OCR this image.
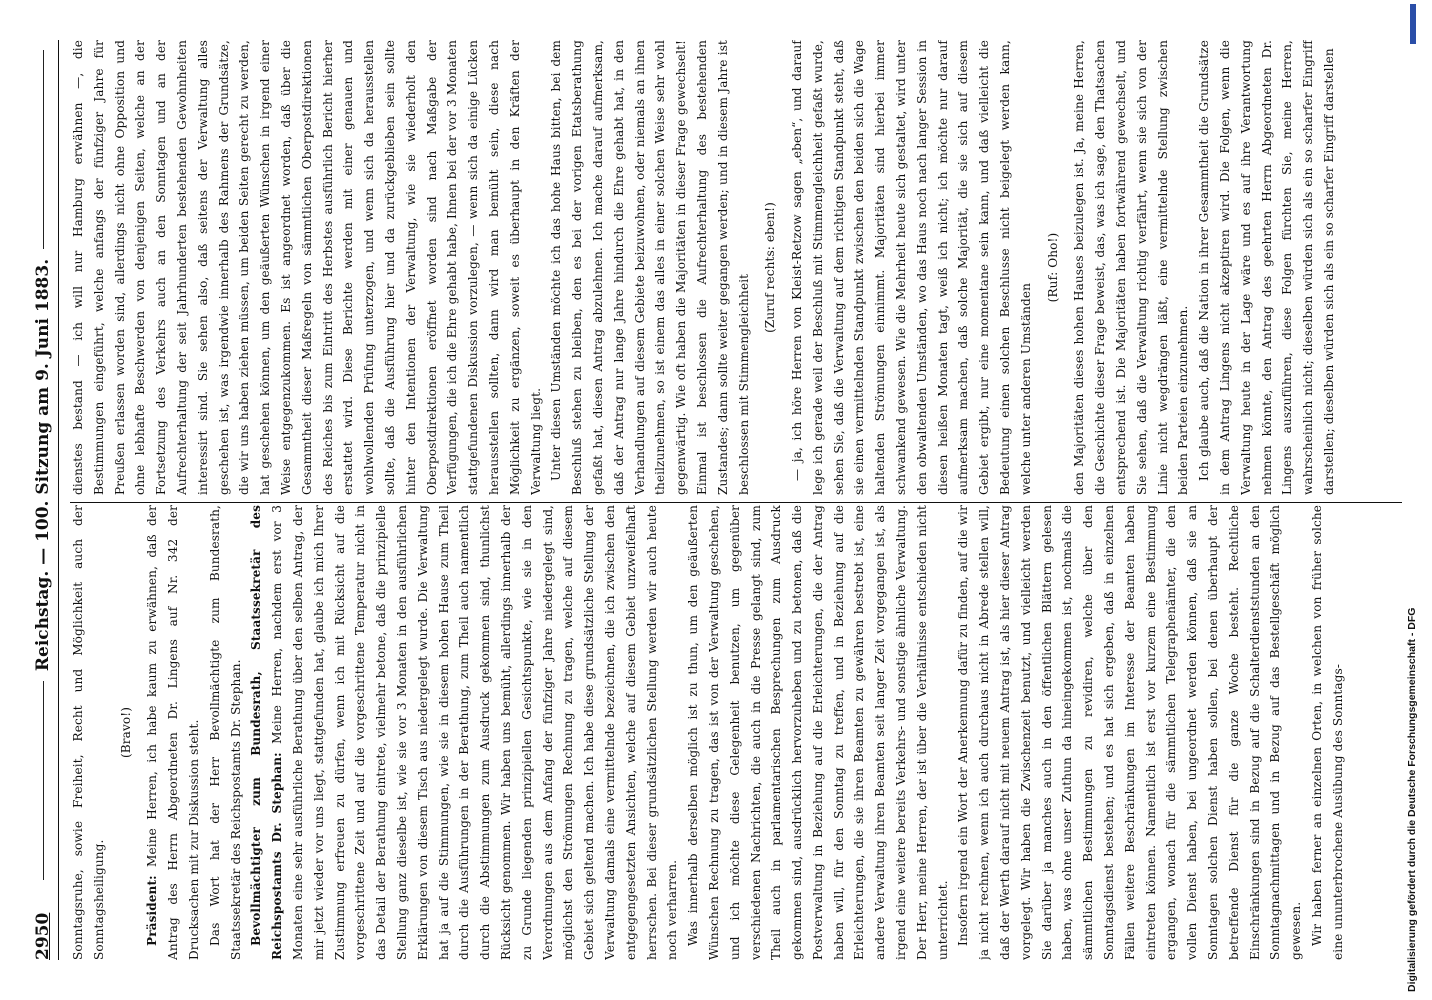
2950
Reichstag. — 100. Sitzung am 9. Juni 1883.

Sonntagsruhe, sowie Freiheit, Recht und Möglichkeit auch der Sonntagsheiligung.

(Bravo!)

Präsident: Meine Herren, ich habe kaum zu erwähnen, daß der Antrag des Herrn Abgeordneten Dr. Lingens auf Nr. 342 der Drucksachen mit zur Diskussion steht. Das Wort hat der Herr Bevollmächtigte zum Bundesrath, Staatssekretär des Reichspostamts Dr. Stephan. Bevollmächtigter zum Bundesrath, Staatssekretär des Reichspostamts Dr. Stephan: Meine Herren, nachdem erst vor 3 Monaten eine sehr ausführliche Berathung über den selben Antrag, der mir jetzt wieder vor uns liegt, stattgefunden hat, glaube ich mich Ihrer Zustimmung erfreuen zu dürfen, wenn ich mit Rücksicht auf die vorgeschrittene Zeit und auf die vorgeschrittene Temperatur nicht in das Detail der Berathung eintrete, vielmehr betone, daß die prinzipielle Stellung ganz dieselbe ist, wie sie vor 3 Monaten in den ausführlichen Erklärungen von diesem Tisch aus niedergelegt wurde. Die Verwaltung hat ja auf die Stimmungen, wie sie in diesem hohen Hause zum Theil durch die Ausführungen in der Berathung, zum Theil auch namentlich durch die Abstimmungen zum Ausdruck gekommen sind, thunlichst Rücksicht genommen. Wir haben uns bemüht, allerdings innerhalb der zu Grunde liegenden prinzipiellen Gesichtspunkte, wie sie in den Verordnungen aus dem Anfang der fünfziger Jahre niedergelegt sind, möglichst den Strömungen Rechnung zu tragen, welche auf diesem Gebiet sich geltend machen. Ich habe diese grundsätzliche Stellung der Verwaltung damals eine vermittelnde bezeichnen, die ich zwischen den entgegengesetzten Ansichten, welche auf diesem Gebiet unzweifelhaft herrschen. Bei dieser grundsätzlichen Stellung werden wir auch heute noch verharren. Was innerhalb derselben möglich ist zu thun, um den geäußerten Wünschen Rechnung zu tragen, das ist von der Verwaltung geschehen, und ich möchte diese Gelegenheit benutzen, um gegenüber verschiedenen Nachrichten, die auch in die Presse gelangt sind, zum Theil auch in parlamentarischen Besprechungen zum Ausdruck gekommen sind, ausdrücklich hervorzuheben und zu betonen, daß die Postverwaltung in Beziehung auf die Erleichterungen, die der Antrag haben will, für den Sonntag zu treffen, und in Beziehung auf die Erleichterungen, die sie ihren Beamten zu gewähren bestrebt ist, eine andere Verwaltung ihren Beamten seit langer Zeit vorgegangen ist, als irgend eine weitere bereits Verkehrs- und sonstige ähnliche Verwaltung. Der Herr, meine Herren, der ist über die Verhältnisse entschieden nicht unterrichtet. Insofern irgend ein Wort der Anerkennung dafür zu finden, auf die wir ja nicht rechnen, wenn ich auch durchaus nicht in Abrede stellen will, daß der Werth darauf nicht mit neuem Antrag ist, als hier dieser Antrag vorgelegt. Wir haben die Zwischenzeit benutzt, und vielleicht werden Sie darüber ja manches auch in den öffentlichen Blättern gelesen haben, was ohne unser Zuthun da hineingekommen ist, nochmals die sämmtlichen Bestimmungen zu revidiren, welche über den Sonntagsdienst bestehen; und es hat sich ergeben, daß in einzelnen Fällen weitere Beschränkungen im Interesse der Beamten haben eintreten können. Namentlich ist erst vor kurzem eine Bestimmung ergangen, wonach für die sämmtlichen Telegraphenämter, die den vollen Dienst haben, bei ungeordnet werden können, daß sie an Sonntagen solchen Dienst haben sollen, bei denen überhaupt der betreffende Dienst für die ganze Woche besteht. Rechtliche Einschränkungen sind in Bezug auf die Schalterdienststunden an den Sonntagnachmittagen und in Bezug auf das Bestellgeschäft möglich gewesen. Wir haben ferner an einzelnen Orten, in welchen von früher solche eine ununterbrochene Ausübung des Sonntags-

dienstes bestand — ich will nur Hamburg erwähnen —, die Bestimmungen eingeführt, welche anfangs der fünfziger Jahre für Preußen erlassen worden sind, allerdings nicht ohne Opposition und ohne lebhafte Beschwerden von denjenigen Seiten, welche an der Fortsetzung des Verkehrs auch an den Sonntagen und an der Aufrechterhaltung der seit Jahrhunderten bestehenden Gewohnheiten interessirt sind. Sie sehen also, daß seitens der Verwaltung alles geschehen ist, was irgendwie innerhalb des Rahmens der Grundsätze, die wir uns haben ziehen müssen, um beiden Seiten gerecht zu werden, hat geschehen können, um den geäußerten Wünschen in irgend einer Weise entgegenzukommen. Es ist angeordnet worden, daß über die Gesammtheit dieser Maßregeln von sämmtlichen Oberpostdirektionen des Reiches bis zum Eintritt des Herbstes ausführlich Bericht hierher erstattet wird. Diese Berichte werden mit einer genauen und wohlwollenden Prüfung unterzogen, und wenn sich da herausstellen sollte, daß die Ausführung hier und da zurückgeblieben sein sollte hinter den Intentionen der Verwaltung, wie sie wiederholt den Oberpostdirektionen eröffnet worden sind nach Maßgabe der Verfügungen, die ich die Ehre gehabt habe, Ihnen bei der vor 3 Monaten stattgefundenen Diskussion vorzulegen, — wenn sich da einige Lücken herausstellen sollten, dann wird man bemüht sein, diese nach Möglichkeit zu ergänzen, soweit es überhaupt in den Kräften der Verwaltung liegt. Unter diesen Umständen möchte ich das hohe Haus bitten, bei dem Beschluß stehen zu bleiben, den es bei der vorigen Etatsberathung gefaßt hat, diesen Antrag abzulehnen. Ich mache darauf aufmerksam, daß der Antrag nur lange Jahre hindurch die Ehre gehabt hat, in den Verhandlungen auf diesem Gebiete beizuwohnen, oder niemals an ihnen theilzunehmen, so ist einem das alles in einer solchen Weise sehr wohl gegenwärtig. Wie oft haben die Majoritäten in dieser Frage gewechselt! Einmal ist beschlossen die Aufrechterhaltung des bestehenden Zustandes; dann sollte weiter gegangen werden; und in diesem Jahre ist beschlossen mit Stimmengleichheit

(Zuruf rechts: eben!)	— ja, ich höre Herren von Kleist-Retzow sagen „eben“, und darauf lege ich gerade weil der Beschluß mit Stimmengleichheit gefaßt wurde, sehen Sie, daß die Verwaltung auf dem richtigen Standpunkt steht, daß sie einen vermittelnden Standpunkt zwischen den beiden sich die Wage haltenden Strömungen einnimmt. Majoritäten sind hierbei immer schwankend gewesen. Wie die Mehrheit heute sich gestaltet, wird unter den obwaltenden Umständen, wo das Haus noch nach langer Session in diesen heißen Monaten tagt, weiß ich nicht; ich möchte nur darauf aufmerksam machen, daß solche Majorität, die sie sich auf diesem Gebiet ergibt, nur eine momentane sein kann, und daß vielleicht die Bedeutung einen solchen Beschlusse nicht beigelegt werden kann, welche unter anderen Umständen

(Ruf: Oho!)	den Majoritäten dieses hohen Hauses beizulegen ist. Ja, meine Herren, die Geschichte dieser Frage beweist, das, was ich sage, den Thatsachen entsprechend ist. Die Majoritäten haben fortwährend gewechselt, und Sie sehen, daß die Verwaltung richtig verfährt, wenn sie sich von der Linie nicht wegdrängen läßt, eine vermittelnde Stellung zwischen beiden Parteien einzunehmen. Ich glaube auch, daß die Nation in ihrer Gesammtheit die Grundsätze in dem Antrag Lingens nicht akzeptiren wird. Die Folgen, wenn die Verwaltung heute in der Lage wäre und es auf ihre Verantwortung nehmen könnte, den Antrag des geehrten Herrn Abgeordneten Dr. Lingens auszuführen, diese Folgen fürchten Sie, meine Herren, wahrscheinlich nicht; dieselben würden sich als ein so scharfer Eingriff darstellen; dieselben würden sich als ein so scharfer Eingriff darstellen

Digitalisierung gefördert durch die Deutsche Forschungsgemeinschaft - DFG
